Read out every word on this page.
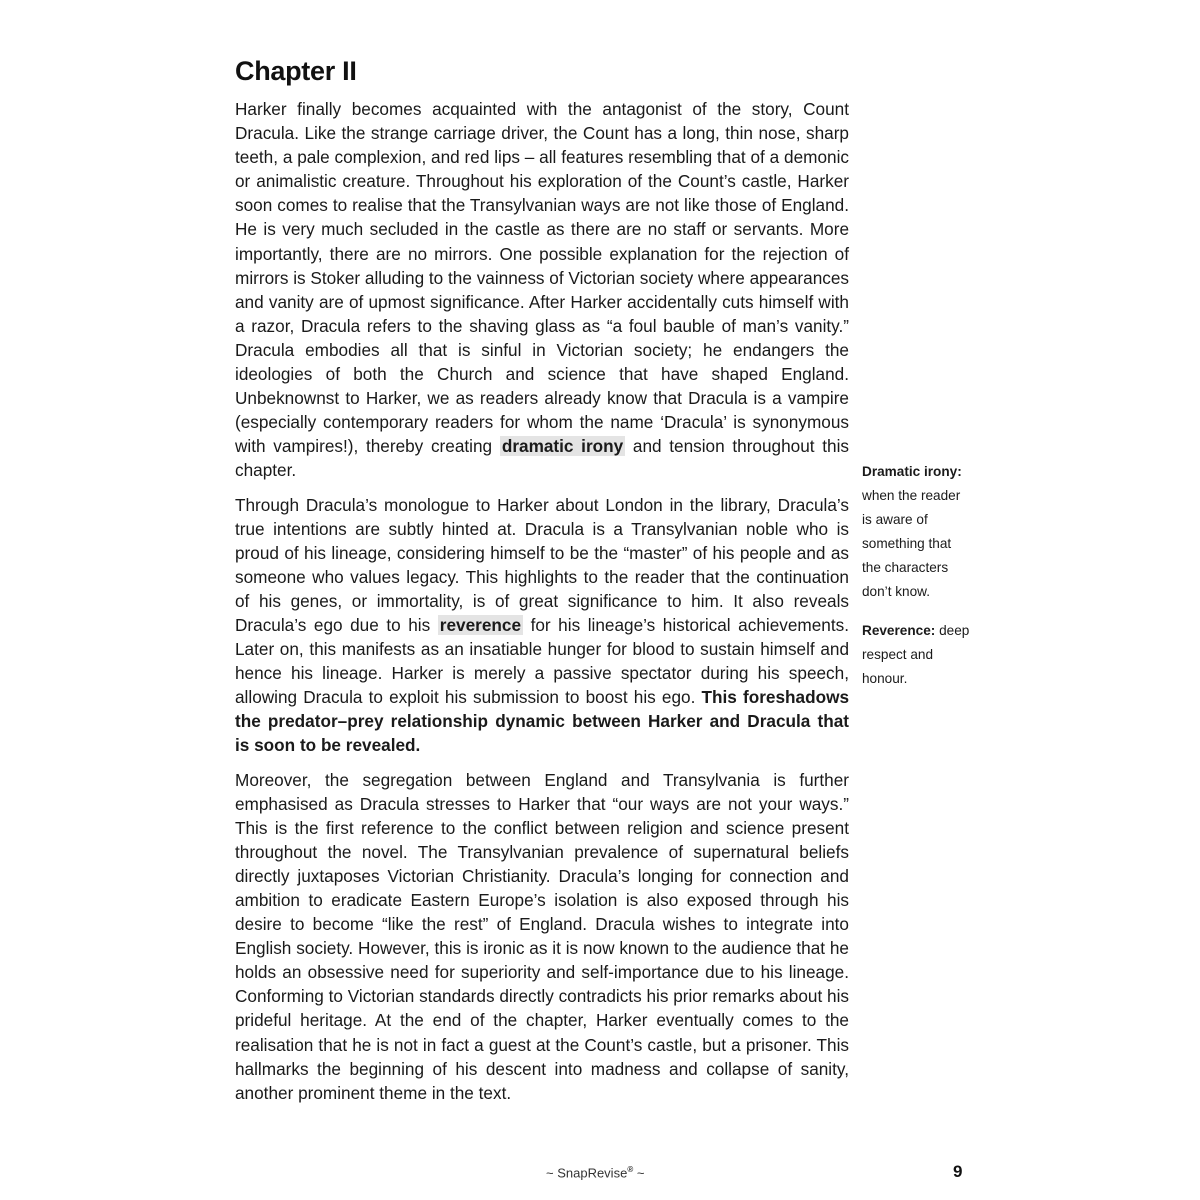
Chapter II

Harker finally becomes acquainted with the antagonist of the story, Count Dracula. Like the strange carriage driver, the Count has a long, thin nose, sharp teeth, a pale complexion, and red lips – all features resembling that of a demonic or animalistic creature. Throughout his exploration of the Count’s castle, Harker soon comes to realise that the Transylvanian ways are not like those of England. He is very much secluded in the castle as there are no staff or servants. More importantly, there are no mirrors. One possible explanation for the rejection of mirrors is Stoker alluding to the vainness of Victorian society where appearances and vanity are of upmost significance. After Harker accidentally cuts himself with a razor, Dracula refers to the shaving glass as “a foul bauble of man’s vanity.” Dracula embodies all that is sinful in Victorian society; he endangers the ideologies of both the Church and science that have shaped England. Unbeknownst to Harker, we as readers already know that Dracula is a vampire (especially contemporary readers for whom the name ‘Dracula’ is synonymous with vampires!), thereby creating dramatic irony and tension throughout this chapter.

Through Dracula’s monologue to Harker about London in the library, Dracula’s true intentions are subtly hinted at. Dracula is a Transylvanian noble who is proud of his lineage, considering himself to be the “master” of his people and as someone who values legacy. This highlights to the reader that the continuation of his genes, or immortality, is of great significance to him. It also reveals Dracula’s ego due to his reverence for his lineage’s historical achievements. Later on, this manifests as an insatiable hunger for blood to sustain himself and hence his lineage. Harker is merely a passive spectator during his speech, allowing Dracula to exploit his submission to boost his ego. This foreshadows the predator–prey relationship dynamic between Harker and Dracula that is soon to be revealed.

Moreover, the segregation between England and Transylvania is further emphasised as Dracula stresses to Harker that “our ways are not your ways.” This is the first reference to the conflict between religion and science present throughout the novel. The Transylvanian prevalence of supernatural beliefs directly juxtaposes Victorian Christianity. Dracula’s longing for connection and ambition to eradicate Eastern Europe’s isolation is also exposed through his desire to become “like the rest” of England. Dracula wishes to integrate into English society. However, this is ironic as it is now known to the audience that he holds an obsessive need for superiority and self-importance due to his lineage. Conforming to Victorian standards directly contradicts his prior remarks about his prideful heritage. At the end of the chapter, Harker eventually comes to the realisation that he is not in fact a guest at the Count’s castle, but a prisoner. This hallmarks the beginning of his descent into madness and collapse of sanity, another prominent theme in the text.

Dramatic irony: when the reader is aware of something that the characters don’t know.

Reverence: deep respect and honour.

~ SnapRevise® ~	9
